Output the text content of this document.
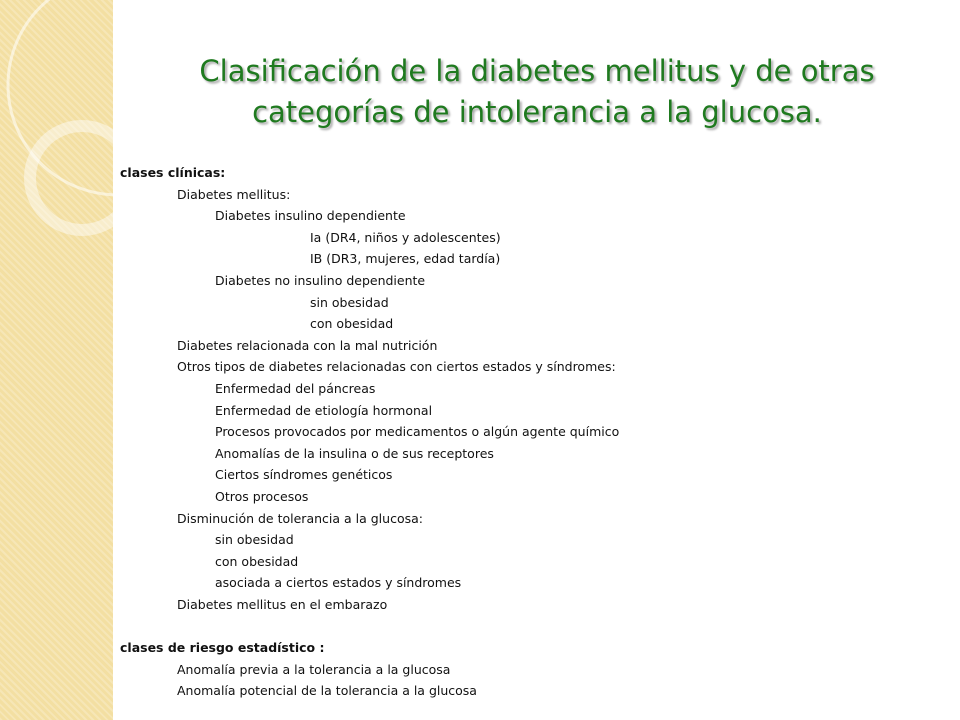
Clasificación de la diabetes mellitus y de otras
categorías de intolerancia a la glucosa.
clases clínicas:
Diabetes mellitus:
Diabetes insulino dependiente
Ia (DR4, niños y adolescentes)
IB (DR3, mujeres, edad tardía)
Diabetes no insulino dependiente
sin obesidad
con obesidad
Diabetes relacionada con la mal nutrición
Otros tipos de diabetes relacionadas con ciertos estados y síndromes:
Enfermedad del páncreas
Enfermedad de etiología hormonal
Procesos provocados por medicamentos o algún agente químico
Anomalías de la insulina o de sus receptores
Ciertos síndromes genéticos
Otros procesos
Disminución de tolerancia a la glucosa:
sin obesidad
con obesidad
asociada a ciertos estados y síndromes
Diabetes mellitus en el embarazo
clases de riesgo estadístico :
Anomalía previa a la tolerancia a la glucosa
Anomalía potencial de la tolerancia a la glucosa
